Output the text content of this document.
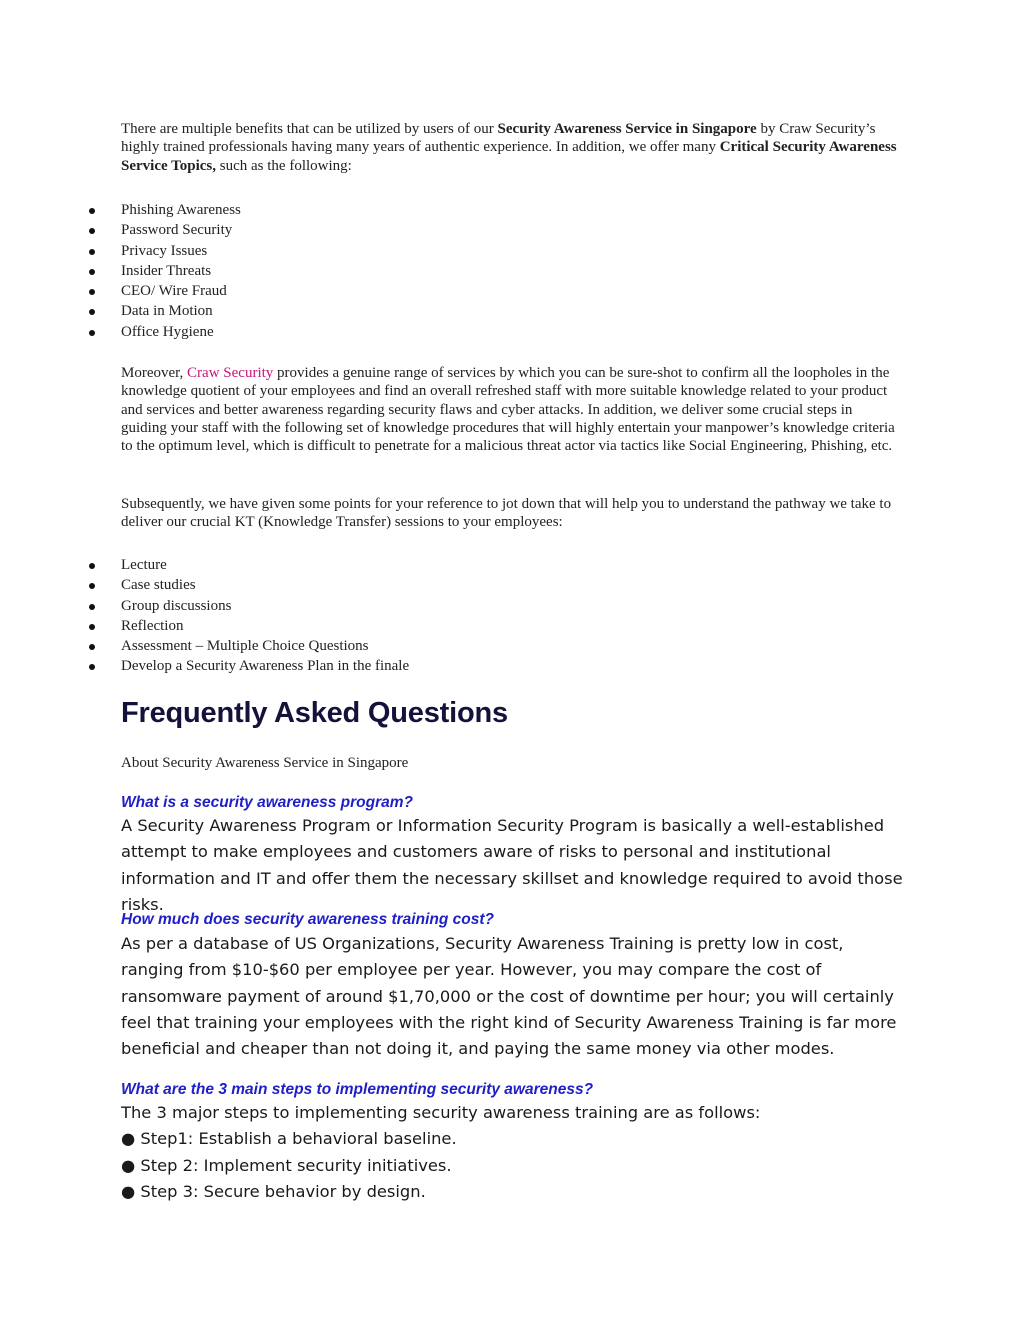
There are multiple benefits that can be utilized by users of our Security Awareness Service in Singapore by Craw Security’s highly trained professionals having many years of authentic experience. In addition, we offer many Critical Security Awareness Service Topics, such as the following:
Phishing Awareness
Password Security
Privacy Issues
Insider Threats
CEO/ Wire Fraud
Data in Motion
Office Hygiene
Moreover, Craw Security provides a genuine range of services by which you can be sure-shot to confirm all the loopholes in the knowledge quotient of your employees and find an overall refreshed staff with more suitable knowledge related to your product and services and better awareness regarding security flaws and cyber attacks. In addition, we deliver some crucial steps in guiding your staff with the following set of knowledge procedures that will highly entertain your manpower’s knowledge criteria to the optimum level, which is difficult to penetrate for a malicious threat actor via tactics like Social Engineering, Phishing, etc.
Subsequently, we have given some points for your reference to jot down that will help you to understand the pathway we take to deliver our crucial KT (Knowledge Transfer) sessions to your employees:
Lecture
Case studies
Group discussions
Reflection
Assessment – Multiple Choice Questions
Develop a Security Awareness Plan in the finale
Frequently Asked Questions
About Security Awareness Service in Singapore
What is a security awareness program?
A Security Awareness Program or Information Security Program is basically a well-established attempt to make employees and customers aware of risks to personal and institutional information and IT and offer them the necessary skillset and knowledge required to avoid those risks.
How much does security awareness training cost?
As per a database of US Organizations, Security Awareness Training is pretty low in cost, ranging from $10-$60 per employee per year. However, you may compare the cost of ransomware payment of around $1,70,000 or the cost of downtime per hour; you will certainly feel that training your employees with the right kind of Security Awareness Training is far more beneficial and cheaper than not doing it, and paying the same money via other modes.
What are the 3 main steps to implementing security awareness?
The 3 major steps to implementing security awareness training are as follows:
● Step1: Establish a behavioral baseline.
● Step 2: Implement security initiatives.
● Step 3: Secure behavior by design.
